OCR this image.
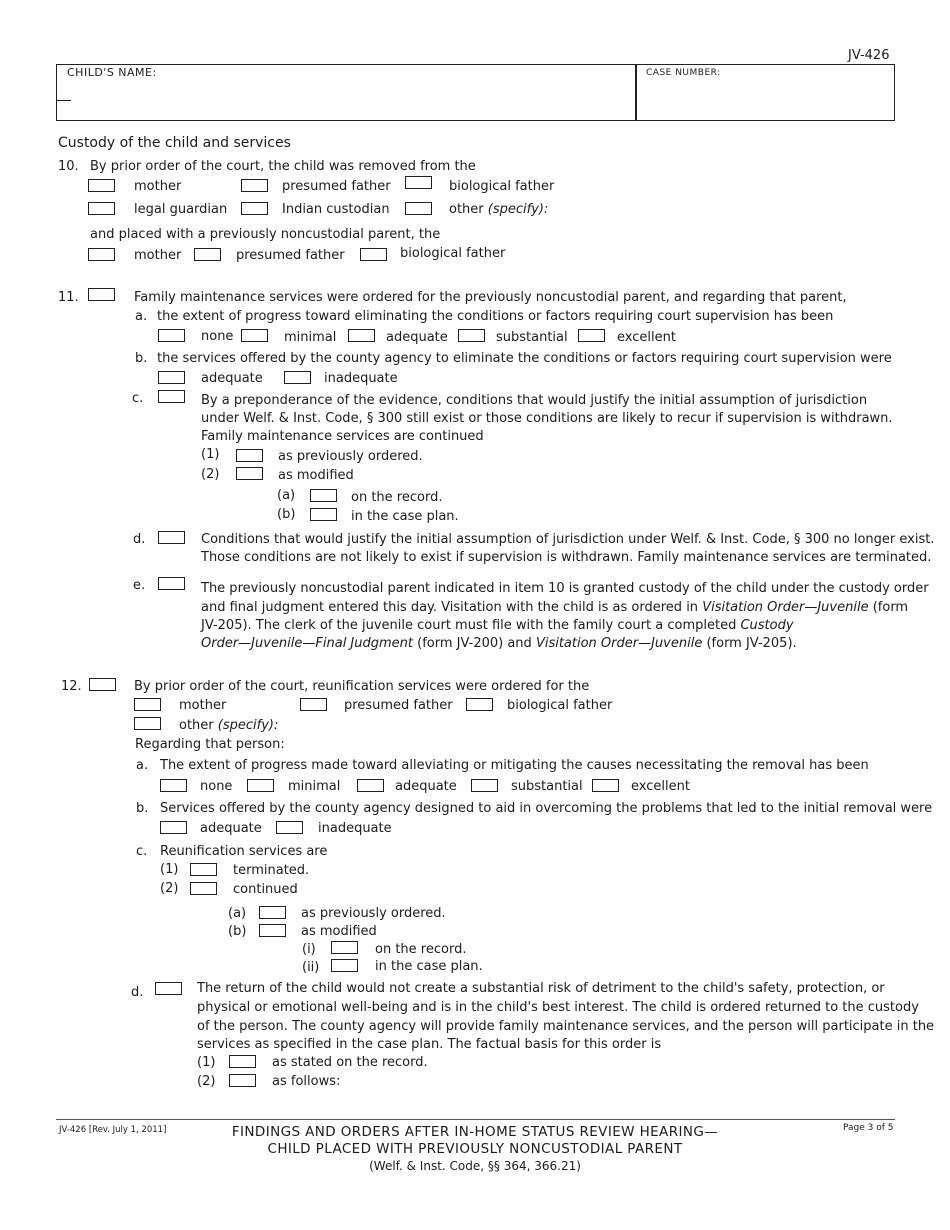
JV-426
CHILD'S NAME:	CASE NUMBER:
Custody of the child and services
10. By prior order of the court, the child was removed from the
mother	presumed father	biological father
legal guardian	Indian custodian	other (specify):
and placed with a previously noncustodial parent, the
mother	presumed father	biological father
11.	Family maintenance services were ordered for the previously noncustodial parent, and regarding that parent,
a. the extent of progress toward eliminating the conditions or factors requiring court supervision has been
none	minimal	adequate	substantial	excellent
b. the services offered by the county agency to eliminate the conditions or factors requiring court supervision were
adequate	inadequate
c.	By a preponderance of the evidence, conditions that would justify the initial assumption of jurisdiction
under Welf. & Inst. Code, § 300 still exist or those conditions are likely to recur if supervision is withdrawn.
Family maintenance services are continued
(1)	as previously ordered.
(2)	as modified
(a)	on the record.
(b)	in the case plan.
d.	Conditions that would justify the initial assumption of jurisdiction under Welf. & Inst. Code, § 300 no longer exist.
Those conditions are not likely to exist if supervision is withdrawn. Family maintenance services are terminated.
e.	The previously noncustodial parent indicated in item 10 is granted custody of the child under the custody order
and final judgment entered this day. Visitation with the child is as ordered in Visitation Order—Juvenile (form
JV-205). The clerk of the juvenile court must file with the family court a completed Custody
Order—Juvenile—Final Judgment (form JV-200) and Visitation Order—Juvenile (form JV-205).
12.	By prior order of the court, reunification services were ordered for the
mother	presumed father	biological father
other (specify):
Regarding that person:
a. The extent of progress made toward alleviating or mitigating the causes necessitating the removal has been
none	minimal	adequate	substantial	excellent
b. Services offered by the county agency designed to aid in overcoming the problems that led to the initial removal were
adequate	inadequate
c. Reunification services are
(1)	terminated.
(2)	continued
(a)	as previously ordered.
(b)	as modified
(i)	on the record.
(ii)	in the case plan.
d.	The return of the child would not create a substantial risk of detriment to the child's safety, protection, or
physical or emotional well-being and is in the child's best interest. The child is ordered returned to the custody
of the person. The county agency will provide family maintenance services, and the person will participate in the
services as specified in the case plan. The factual basis for this order is
(1)	as stated on the record.
(2)	as follows:
JV-426 [Rev. July 1, 2011]	Page 3 of 5
FINDINGS AND ORDERS AFTER IN-HOME STATUS REVIEW HEARING—
CHILD PLACED WITH PREVIOUSLY NONCUSTODIAL PARENT
(Welf. & Inst. Code, §§ 364, 366.21)
